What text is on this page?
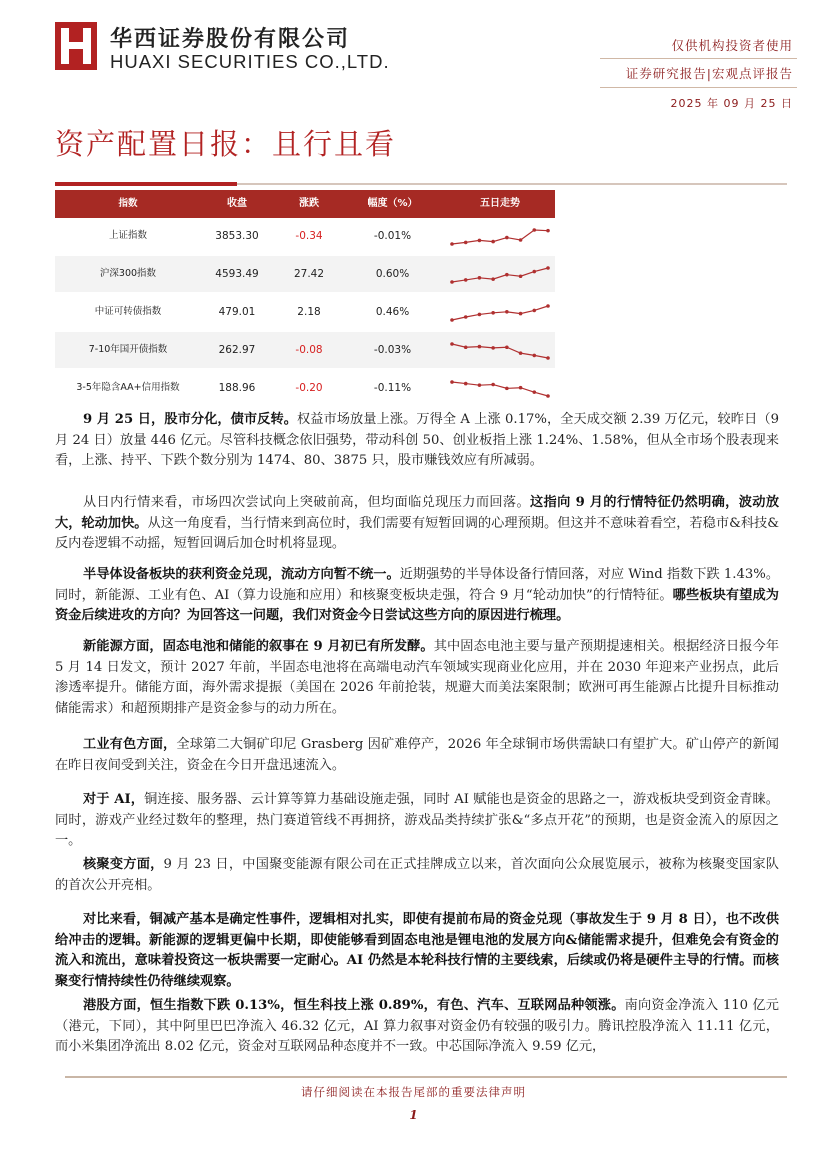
华西证券股份有限公司
HUAXI SECURITIES CO.,LTD.
仅供机构投资者使用
证券研究报告|宏观点评报告
2025 年 09 月 25 日
资产配置日报：且行且看
指数	收盘	涨跌	幅度（%）	五日走势
上证指数	3853.30	-0.34	-0.01%
沪深300指数	4593.49	27.42	0.60%
中证可转债指数	479.01	2.18	0.46%
7-10年国开债指数	262.97	-0.08	-0.03%
3-5年隐含AA+信用指数	188.96	-0.20	-0.11%
9 月 25 日，股市分化，债市反转。权益市场放量上涨。万得全 A 上涨 0.17%，全天成交额 2.39 万亿元，较昨日（9 月 24 日）放量 446 亿元。尽管科技概念依旧强势，带动科创 50、创业板指上涨 1.24%、1.58%，但从全市场个股表现来看，上涨、持平、下跌个数分别为 1474、80、3875 只，股市赚钱效应有所减弱。
从日内行情来看，市场四次尝试向上突破前高，但均面临兑现压力而回落。这指向 9 月的行情特征仍然明确，波动放大，轮动加快。从这一角度看，当行情来到高位时，我们需要有短暂回调的心理预期。但这并不意味着看空，若稳市&科技&反内卷逻辑不动摇，短暂回调后加仓时机将显现。
半导体设备板块的获利资金兑现，流动方向暂不统一。近期强势的半导体设备行情回落，对应 Wind 指数下跌 1.43%。同时，新能源、工业有色、AI（算力设施和应用）和核聚变板块走强，符合 9 月“轮动加快”的行情特征。哪些板块有望成为资金后续进攻的方向？为回答这一问题，我们对资金今日尝试这些方向的原因进行梳理。
新能源方面，固态电池和储能的叙事在 9 月初已有所发酵。其中固态电池主要与量产预期提速相关。根据经济日报今年 5 月 14 日发文，预计 2027 年前，半固态电池将在高端电动汽车领域实现商业化应用，并在 2030 年迎来产业拐点，此后渗透率提升。储能方面，海外需求提振（美国在 2026 年前抢装，规避大而美法案限制；欧洲可再生能源占比提升目标推动储能需求）和超预期排产是资金参与的动力所在。
工业有色方面，全球第二大铜矿印尼 Grasberg 因矿难停产，2026 年全球铜市场供需缺口有望扩大。矿山停产的新闻在昨日夜间受到关注，资金在今日开盘迅速流入。
对于 AI，铜连接、服务器、云计算等算力基础设施走强，同时 AI 赋能也是资金的思路之一，游戏板块受到资金青睐。同时，游戏产业经过数年的整理，热门赛道管线不再拥挤，游戏品类持续扩张&“多点开花”的预期，也是资金流入的原因之一。
核聚变方面，9 月 23 日，中国聚变能源有限公司在正式挂牌成立以来，首次面向公众展览展示，被称为核聚变国家队的首次公开亮相。
对比来看，铜减产基本是确定性事件，逻辑相对扎实，即使有提前布局的资金兑现（事故发生于 9 月 8 日），也不改供给冲击的逻辑。新能源的逻辑更偏中长期，即使能够看到固态电池是锂电池的发展方向&储能需求提升，但难免会有资金的流入和流出，意味着投资这一板块需要一定耐心。AI 仍然是本轮科技行情的主要线索，后续或仍将是硬件主导的行情。而核聚变行情持续性仍待继续观察。
港股方面，恒生指数下跌 0.13%，恒生科技上涨 0.89%，有色、汽车、互联网品种领涨。南向资金净流入 110 亿元（港元，下同），其中阿里巴巴净流入 46.32 亿元，AI 算力叙事对资金仍有较强的吸引力。腾讯控股净流入 11.11 亿元，而小米集团净流出 8.02 亿元，资金对互联网品种态度并不一致。中芯国际净流入 9.59 亿元，
请仔细阅读在本报告尾部的重要法律声明
1
